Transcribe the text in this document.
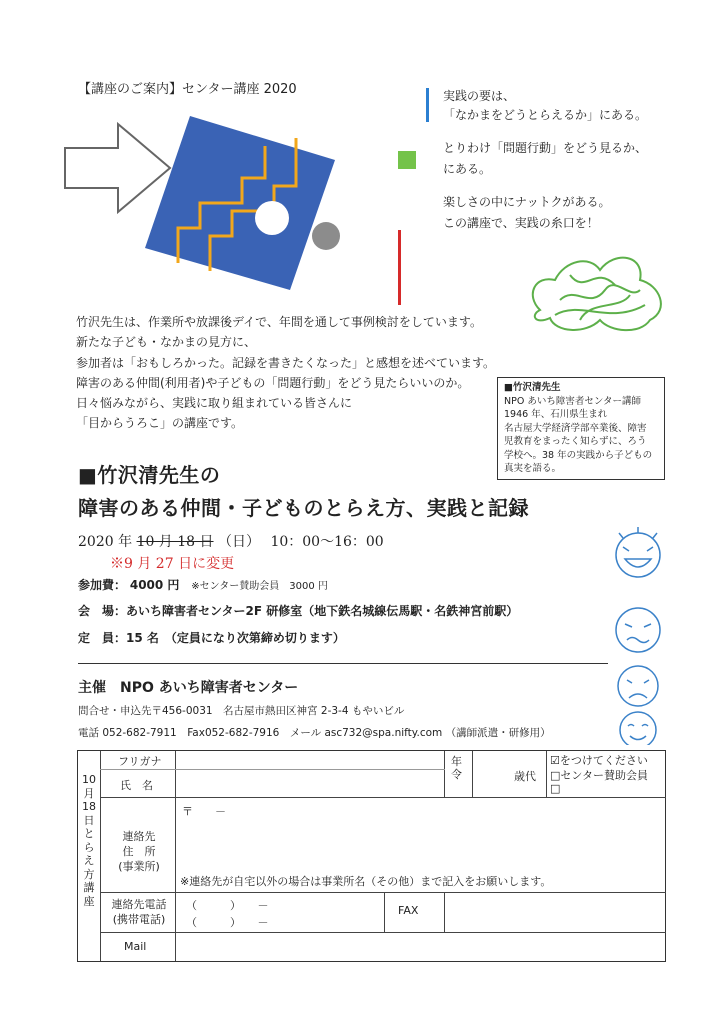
【講座のご案内】センター講座 2020	実践の要は、

「なかまをどうとらえるか」にある。

とりわけ「問題行動」をどう見るか、

にある。

楽しさの中にナットクがある。

この講座で、実践の糸口を！

竹沢先生は、作業所や放課後デイで、年間を通して事例検討をしています。
新たな子ども・なかまの見方に、
参加者は「おもしろかった。記録を書きたくなった」と感想を述べています。
障害のある仲間(利用者)や子どもの「問題行動」をどう見たらいいのか。
日々悩みながら、実践に取り組まれている皆さんに
「目からうろこ」の講座です。
■竹沢清先生
NPO あいち障害者センター講師
1946 年、石川県生まれ
名古屋大学経済学部卒業後、障害
児教育をまったく知らずに、ろう
学校へ。38 年の実践から子どもの
真実を語る。
■竹沢清先生の
障害のある仲間・子どものとらえ方、実践と記録
2020 年 10 月 18 日 （日） 10：00～16：00
※9 月 27 日に変更
参加費： 4000 円 ※センター賛助会員　3000 円
会　場：あいち障害者センター2F 研修室（地下鉄名城線伝馬駅・名鉄神宮前駅）
定　員：15 名　（定員になり次第締め切ります）
主催　NPO あいち障害者センター
問合せ・申込先〒456-0031　名古屋市熱田区神宮 2-3-4 もやいビル
電話 052-682-7911　Fax052-682-7916　メール asc732@spa.nifty.com （講師派遣・研修用）
10月18日とらえ方講座
フリガナ
氏　名
年令	歳代
☑をつけてください
□センター賛助会員
□
連絡先
住　所
(事業所)
〒　　－
※連絡先が自宅以外の場合は事業所名（その他）まで記入をお願いします。
連絡先電話
(携帯電話)
（　　　）　　－
（　　　）　　－
FAX
Mail
